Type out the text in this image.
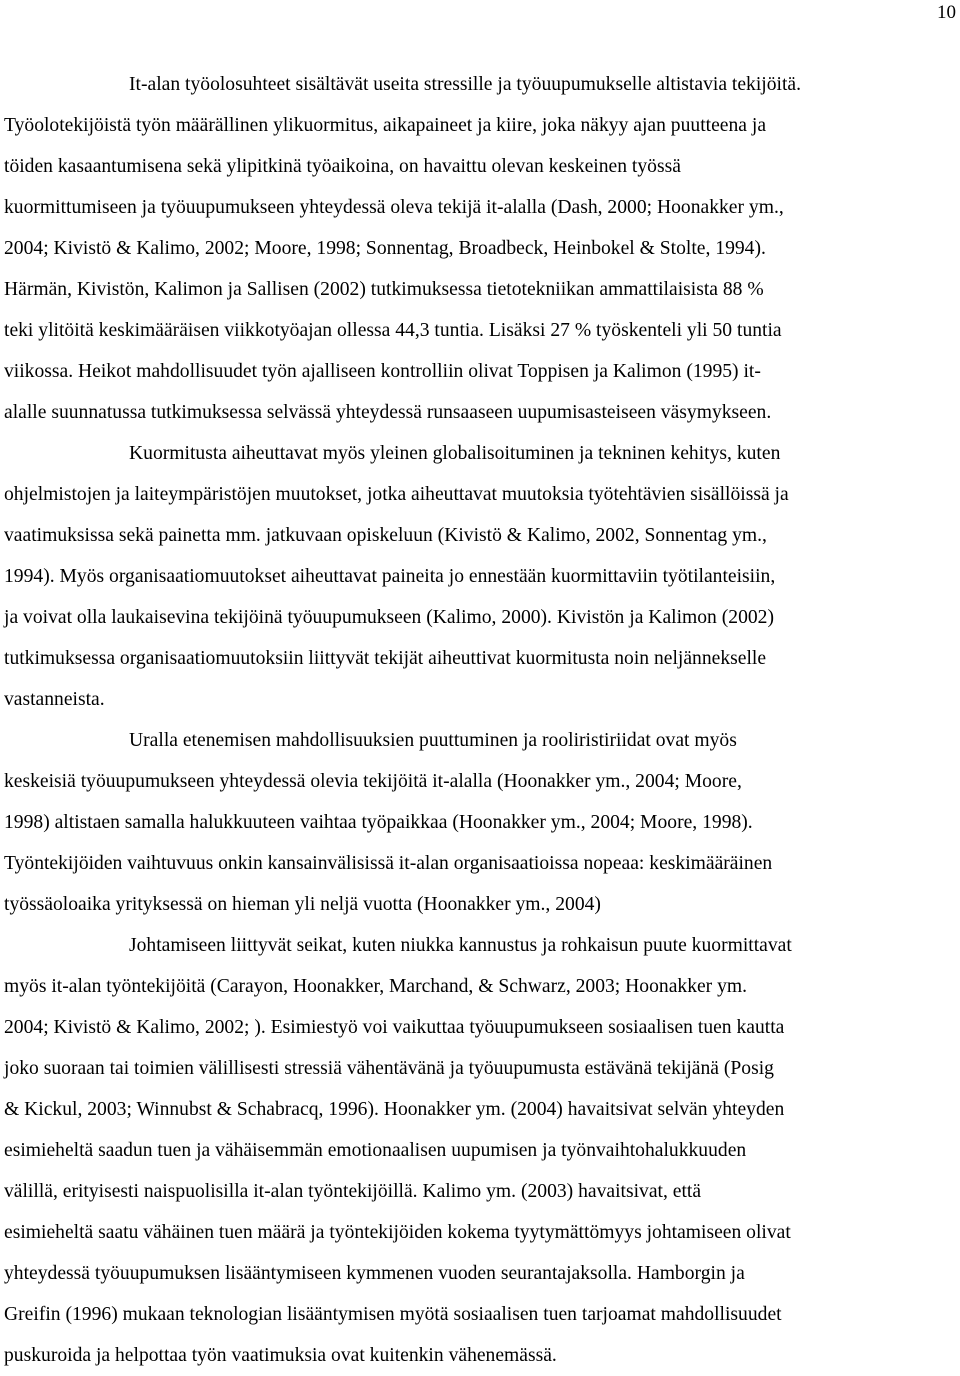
10
It-alan työolosuhteet sisältävät useita stressille ja työuupumukselle altistavia tekijöitä.
Työolotekijöistä työn määrällinen ylikuormitus, aikapaineet ja kiire, joka näkyy ajan puutteena ja
töiden kasaantumisena sekä ylipitkinä työaikoina, on havaittu olevan keskeinen työssä
kuormittumiseen ja työuupumukseen yhteydessä oleva tekijä it-alalla (Dash, 2000; Hoonakker ym.,
2004; Kivistö & Kalimo, 2002; Moore, 1998; Sonnentag, Broadbeck, Heinbokel & Stolte, 1994).
Härmän, Kivistön, Kalimon ja Sallisen (2002) tutkimuksessa tietotekniikan ammattilaisista 88 %
teki ylitöitä keskimääräisen viikkotyöajan ollessa 44,3 tuntia. Lisäksi 27 % työskenteli yli 50 tuntia
viikossa. Heikot mahdollisuudet työn ajalliseen kontrolliin olivat Toppisen ja Kalimon (1995) it-
alalle suunnatussa tutkimuksessa selvässä yhteydessä runsaaseen uupumisasteiseen väsymykseen.
Kuormitusta aiheuttavat myös yleinen globalisoituminen ja tekninen kehitys, kuten
ohjelmistojen ja laiteympäristöjen muutokset, jotka aiheuttavat muutoksia työtehtävien sisällöissä ja
vaatimuksissa sekä painetta mm. jatkuvaan opiskeluun (Kivistö & Kalimo, 2002, Sonnentag ym.,
1994). Myös organisaatiomuutokset aiheuttavat paineita jo ennestään kuormittaviin työtilanteisiin,
ja voivat olla laukaisevina tekijöinä työuupumukseen (Kalimo, 2000). Kivistön ja Kalimon (2002)
tutkimuksessa organisaatiomuutoksiin liittyvät tekijät aiheuttivat kuormitusta noin neljännekselle
vastanneista.
Uralla etenemisen mahdollisuuksien puuttuminen ja rooliristiriidat ovat myös
keskeisiä työuupumukseen yhteydessä olevia tekijöitä it-alalla (Hoonakker ym., 2004; Moore,
1998) altistaen samalla halukkuuteen vaihtaa työpaikkaa (Hoonakker ym., 2004; Moore, 1998).
Työntekijöiden vaihtuvuus onkin kansainvälisissä it-alan organisaatioissa nopeaa: keskimääräinen
työssäoloaika yrityksessä on hieman yli neljä vuotta (Hoonakker ym., 2004)
Johtamiseen liittyvät seikat, kuten niukka kannustus ja rohkaisun puute kuormittavat
myös it-alan työntekijöitä (Carayon, Hoonakker, Marchand, & Schwarz, 2003; Hoonakker ym.
2004; Kivistö & Kalimo, 2002; ). Esimiestyö voi vaikuttaa työuupumukseen sosiaalisen tuen kautta
joko suoraan tai toimien välillisesti stressiä vähentävänä ja työuupumusta estävänä tekijänä (Posig
& Kickul, 2003; Winnubst & Schabracq, 1996). Hoonakker ym. (2004) havaitsivat selvän yhteyden
esimieheltä saadun tuen ja vähäisemmän emotionaalisen uupumisen ja työnvaihtohalukkuuden
välillä, erityisesti naispuolisilla it-alan työntekijöillä. Kalimo ym. (2003) havaitsivat, että
esimieheltä saatu vähäinen tuen määrä ja työntekijöiden kokema tyytymättömyys johtamiseen olivat
yhteydessä työuupumuksen lisääntymiseen kymmenen vuoden seurantajaksolla. Hamborgin ja
Greifin (1996) mukaan teknologian lisääntymisen myötä sosiaalisen tuen tarjoamat mahdollisuudet
puskuroida ja helpottaa työn vaatimuksia ovat kuitenkin vähenemässä.
